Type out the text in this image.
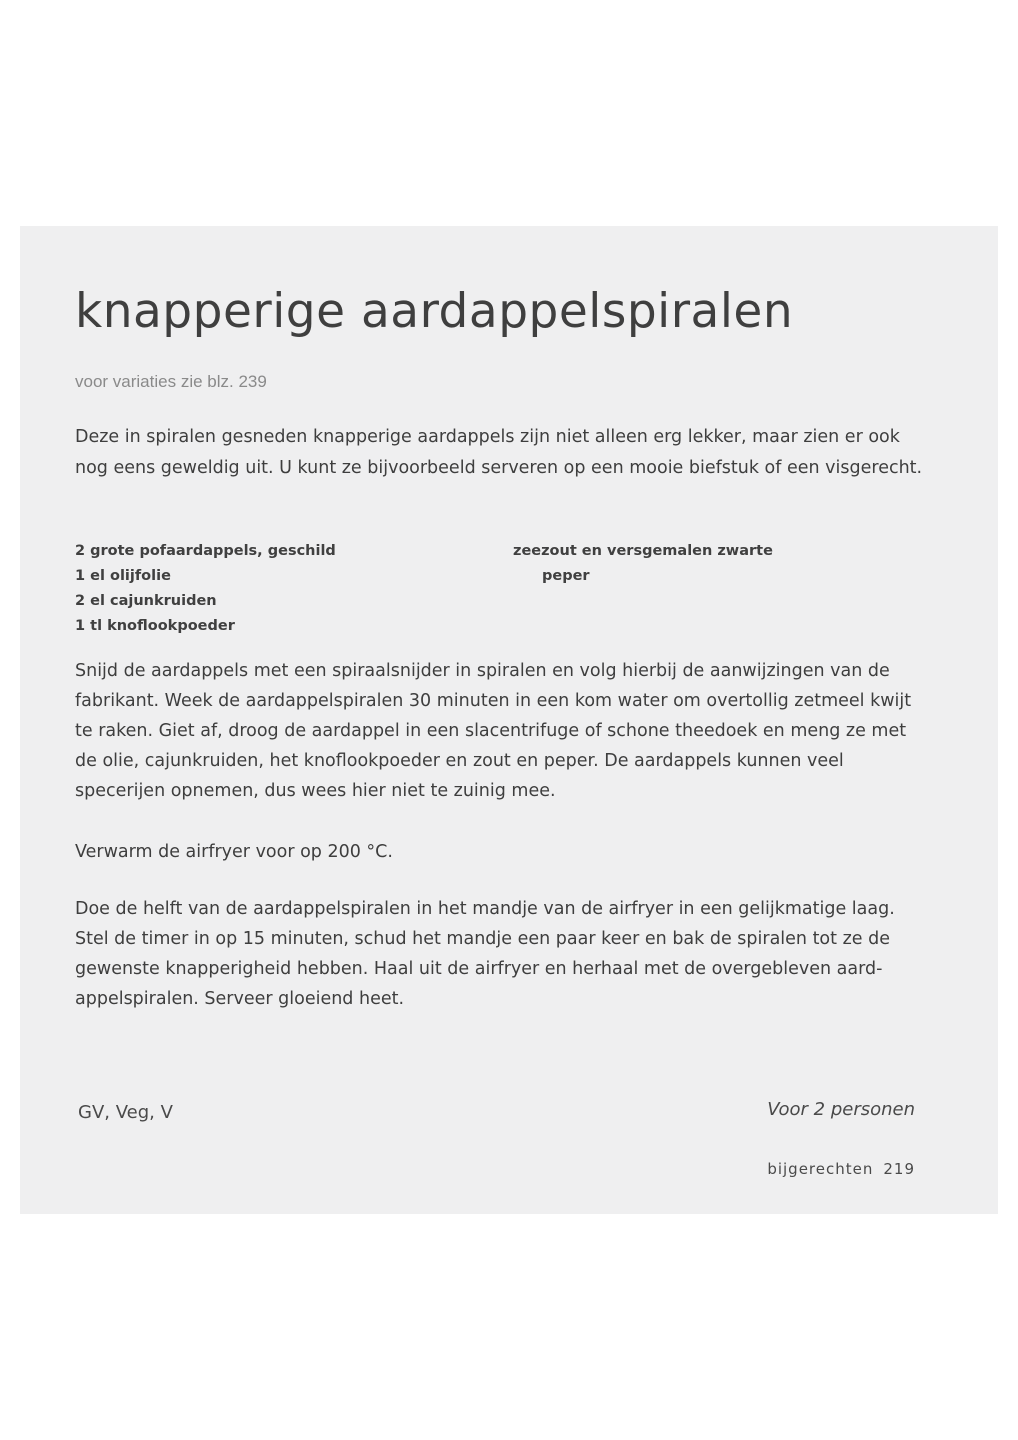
knapperige aardappelspiralen
voor variaties zie blz. 239

Deze in spiralen gesneden knapperige aardappels zijn niet alleen erg lekker, maar zien er ook nog eens geweldig uit. U kunt ze bijvoorbeeld serveren op een mooie biefstuk of een visgerecht.

2 grote pofaardappels, geschild
1 el olijfolie
2 el cajunkruiden
1 tl knoflookpoeder
zeezout en versgemalen zwarte
peper

Snijd de aardappels met een spiraalsnijder in spiralen en volg hierbij de aanwijzingen van de fabrikant. Week de aardappelspiralen 30 minuten in een kom water om overtollig zetmeel kwijt te raken. Giet af, droog de aardappel in een slacentrifuge of schone theedoek en meng ze met de olie, cajunkruiden, het knoflookpoeder en zout en peper. De aardappels kunnen veel specerijen opnemen, dus wees hier niet te zuinig mee.

Verwarm de airfryer voor op 200 °C.

Doe de helft van de aardappelspiralen in het mandje van de airfryer in een gelijkmatige laag. Stel de timer in op 15 minuten, schud het mandje een paar keer en bak de spiralen tot ze de gewenste knapperigheid hebben. Haal uit de airfryer en herhaal met de overgebleven aardappelspiralen. Serveer gloeiend heet.

GV, Veg, V	Voor 2 personen
bijgerechten 219
